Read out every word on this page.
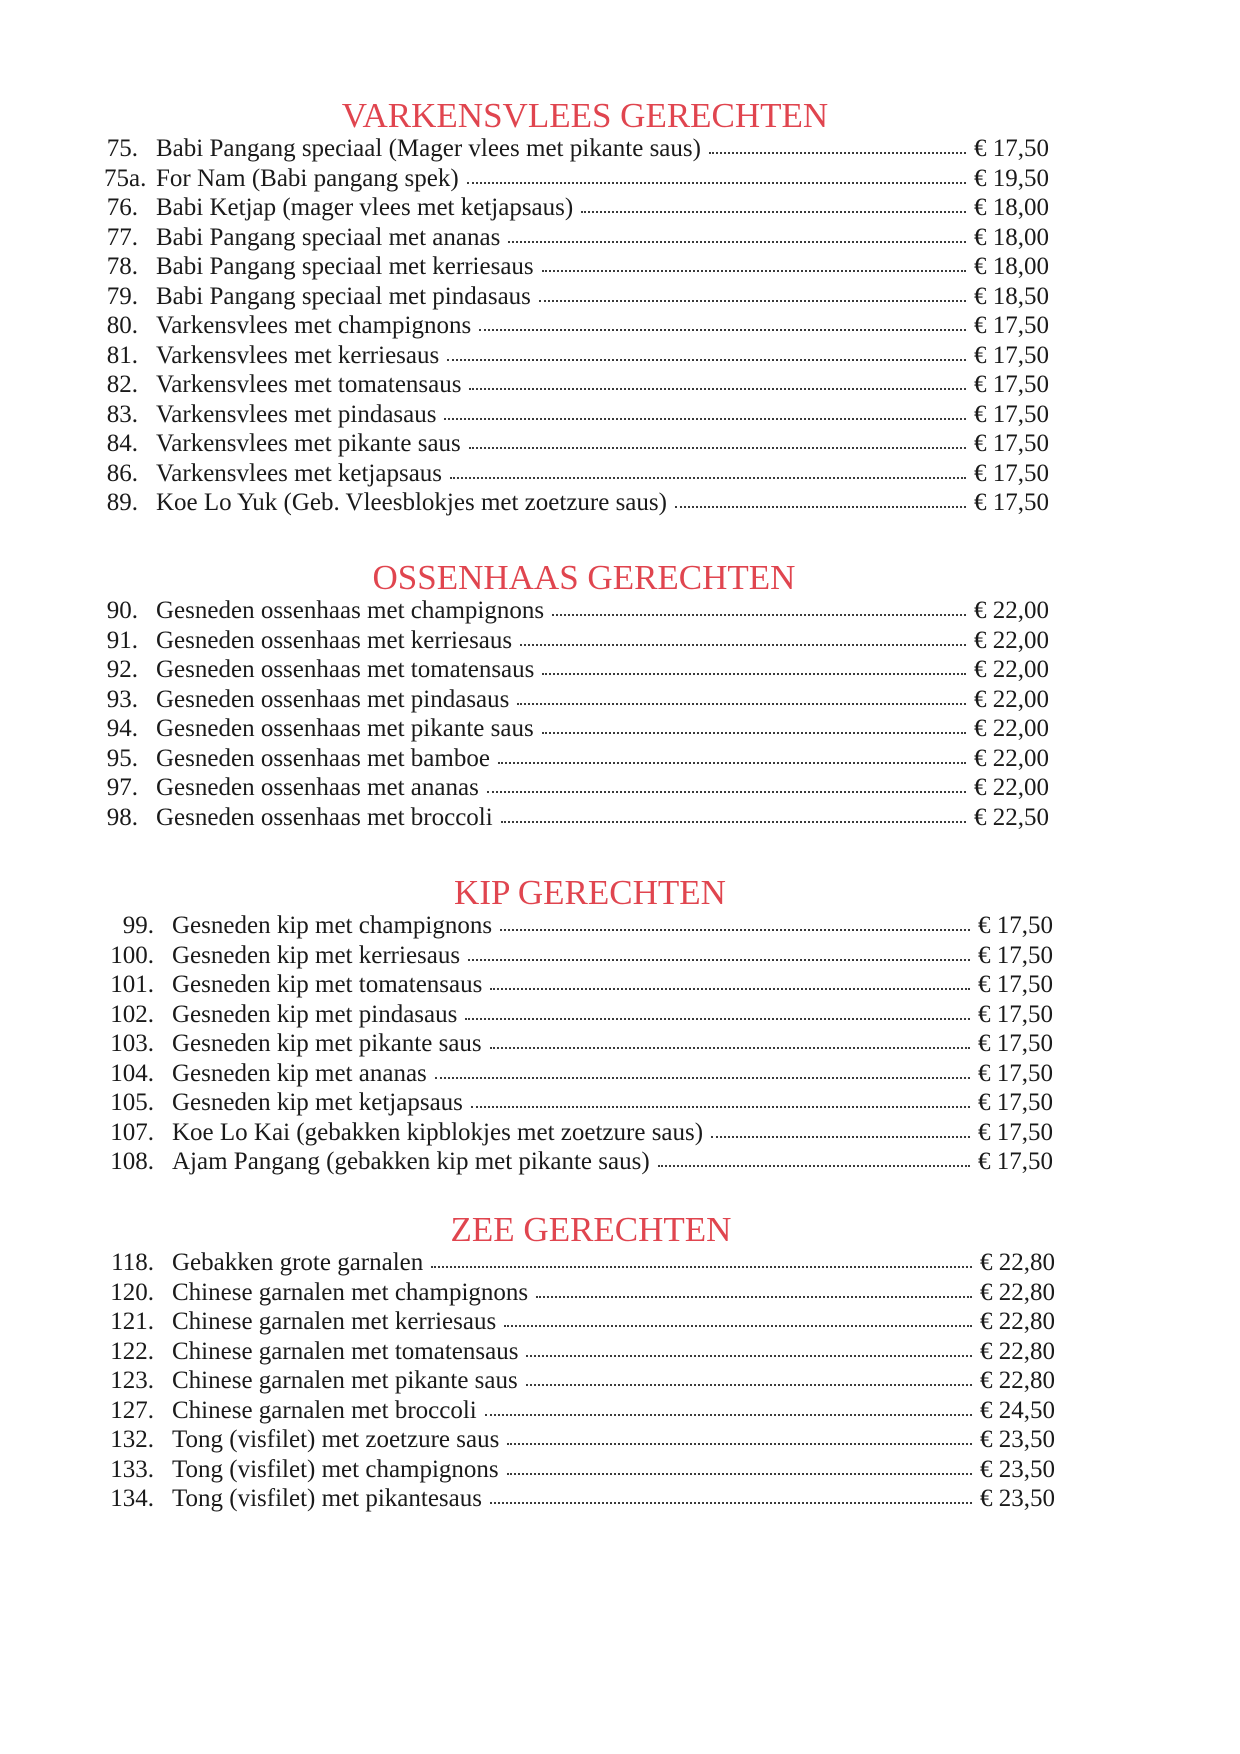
VARKENSVLEES GERECHTEN
75. Babi Pangang speciaal (Mager vlees met pikante saus)	€ 17,50
75a. For Nam (Babi pangang spek)	€ 19,50
76. Babi Ketjap (mager vlees met ketjapsaus)	€ 18,00
77. Babi Pangang speciaal met ananas	€ 18,00
78. Babi Pangang speciaal met kerriesaus	€ 18,00
79. Babi Pangang speciaal met pindasaus	€ 18,50
80. Varkensvlees met champignons	€ 17,50
81. Varkensvlees met kerriesaus	€ 17,50
82. Varkensvlees met tomatensaus	€ 17,50
83. Varkensvlees met pindasaus	€ 17,50
84. Varkensvlees met pikante saus	€ 17,50
86. Varkensvlees met ketjapsaus	€ 17,50
89. Koe Lo Yuk (Geb. Vleesblokjes met zoetzure saus)	€ 17,50
OSSENHAAS GERECHTEN
90. Gesneden ossenhaas met champignons	€ 22,00
91. Gesneden ossenhaas met kerriesaus	€ 22,00
92. Gesneden ossenhaas met tomatensaus	€ 22,00
93. Gesneden ossenhaas met pindasaus	€ 22,00
94. Gesneden ossenhaas met pikante saus	€ 22,00
95. Gesneden ossenhaas met bamboe	€ 22,00
97. Gesneden ossenhaas met ananas	€ 22,00
98. Gesneden ossenhaas met broccoli	€ 22,50
KIP GERECHTEN
99. Gesneden kip met champignons	€ 17,50
100. Gesneden kip met kerriesaus	€ 17,50
101. Gesneden kip met tomatensaus	€ 17,50
102. Gesneden kip met pindasaus	€ 17,50
103. Gesneden kip met pikante saus	€ 17,50
104. Gesneden kip met ananas	€ 17,50
105. Gesneden kip met ketjapsaus	€ 17,50
107. Koe Lo Kai (gebakken kipblokjes met zoetzure saus)	€ 17,50
108. Ajam Pangang (gebakken kip met pikante saus)	€ 17,50
ZEE GERECHTEN
118. Gebakken grote garnalen	€ 22,80
120. Chinese garnalen met champignons	€ 22,80
121. Chinese garnalen met kerriesaus	€ 22,80
122. Chinese garnalen met tomatensaus	€ 22,80
123. Chinese garnalen met pikante saus	€ 22,80
127. Chinese garnalen met broccoli	€ 24,50
132. Tong (visfilet) met zoetzure saus	€ 23,50
133. Tong (visfilet) met champignons	€ 23,50
134. Tong (visfilet) met pikantesaus	€ 23,50
